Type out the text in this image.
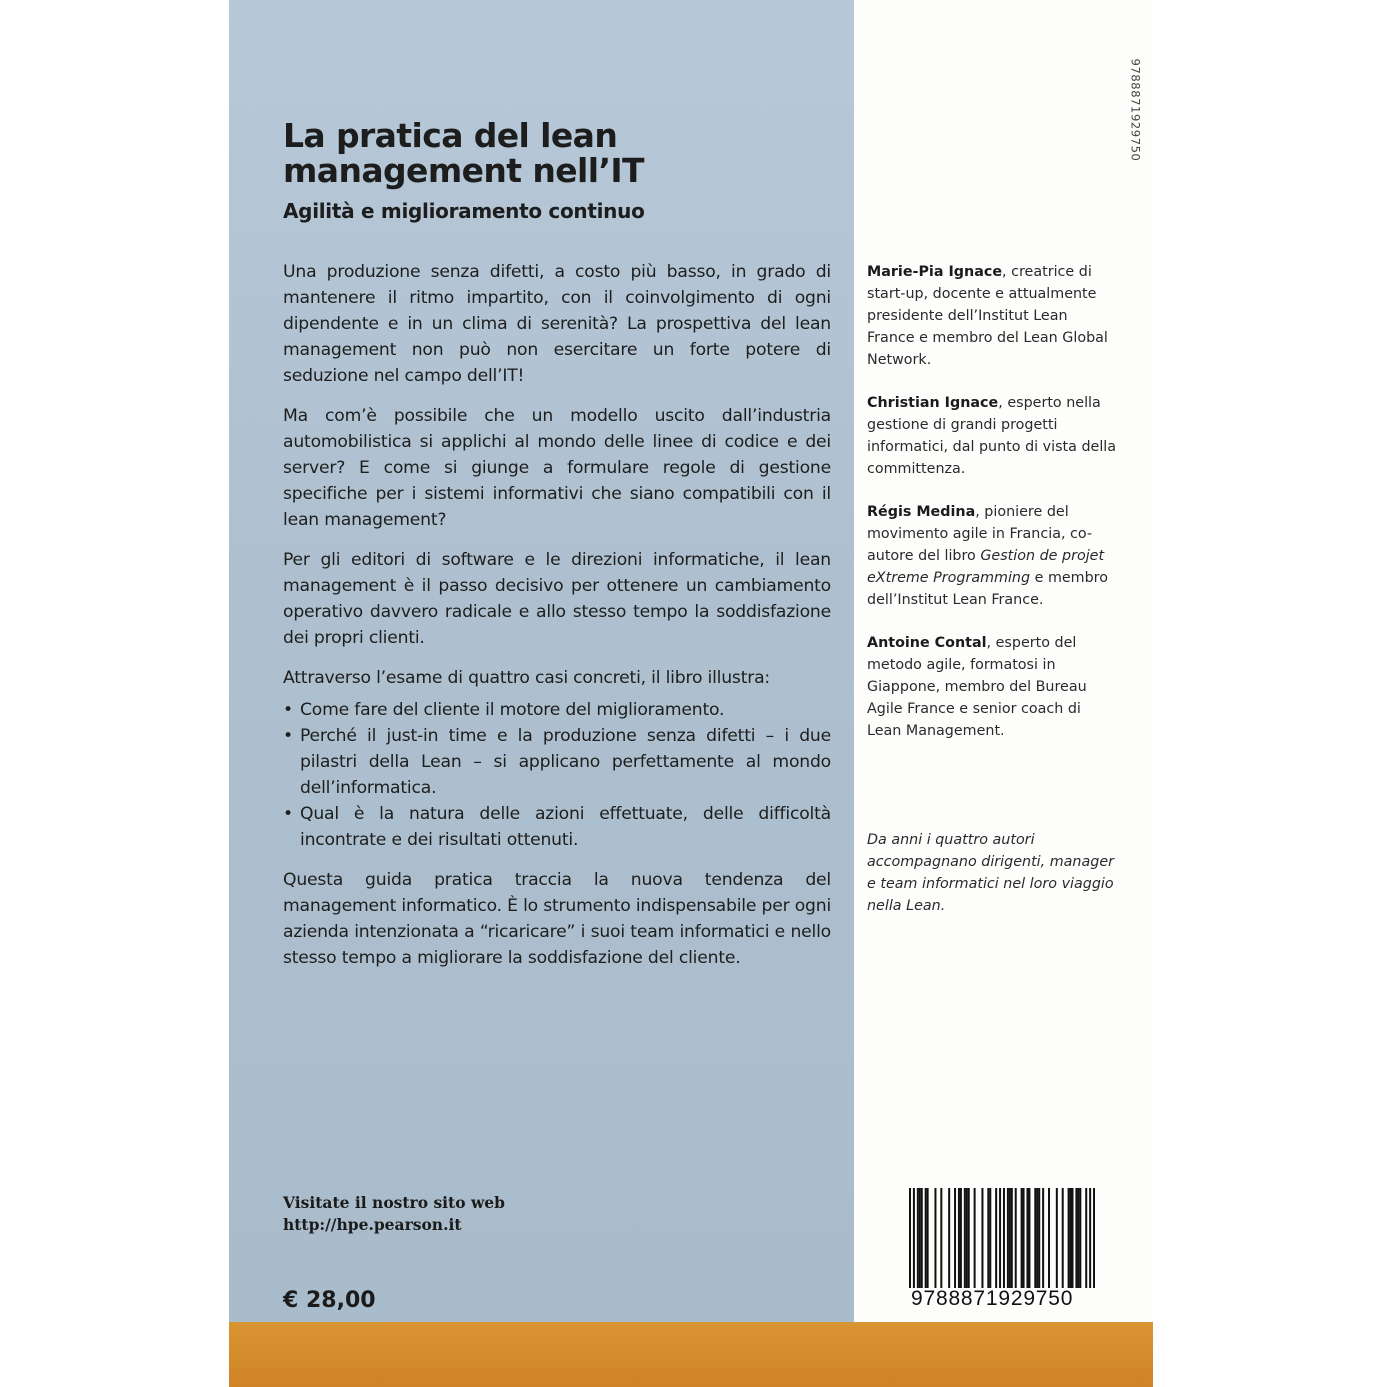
La pratica del lean
management nell’IT
Agilità e miglioramento continuo

Una produzione senza difetti, a costo più basso, in grado di mantenere il ritmo impartito, con il coinvolgimento di ogni dipendente e in un clima di serenità? La prospettiva del lean management non può non esercitare un forte potere di seduzione nel campo dell’IT!

Ma com’è possibile che un modello uscito dall’industria automobilistica si applichi al mondo delle linee di codice e dei server? E come si giunge a formulare regole di gestione specifiche per i sistemi informativi che siano compatibili con il lean management?

Per gli editori di software e le direzioni informatiche, il lean management è il passo decisivo per ottenere un cambiamento operativo davvero radicale e allo stesso tempo la soddisfazione dei propri clienti.

Attraverso l’esame di quattro casi concreti, il libro illustra:

• Come fare del cliente il motore del miglioramento.
• Perché il just-in time e la produzione senza difetti – i due pilastri della Lean – si applicano perfettamente al mondo dell’informatica.
• Qual è la natura delle azioni effettuate, delle difficoltà incontrate e dei risultati ottenuti.

Questa guida pratica traccia la nuova tendenza del management informatico. È lo strumento indispensabile per ogni azienda intenzionata a “ricaricare” i suoi team informatici e nello stesso tempo a migliorare la soddisfazione del cliente.

Visitate il nostro sito web
http://hpe.pearson.it
€ 28,00
9788871929750

Marie-Pia Ignace, creatrice di start-up, docente e attualmente presidente dell’Institut Lean France e membro del Lean Global Network.

Christian Ignace, esperto nella gestione di grandi progetti informatici, dal punto di vista della committenza.

Régis Medina, pioniere del movimento agile in Francia, co-autore del libro Gestion de projet eXtreme Programming e membro dell’Institut Lean France.

Antoine Contal, esperto del metodo agile, formatosi in Giappone, membro del Bureau Agile France e senior coach di Lean Management.

Da anni i quattro autori accompagnano dirigenti, manager e team informatici nel loro viaggio nella Lean.
9788871929750
